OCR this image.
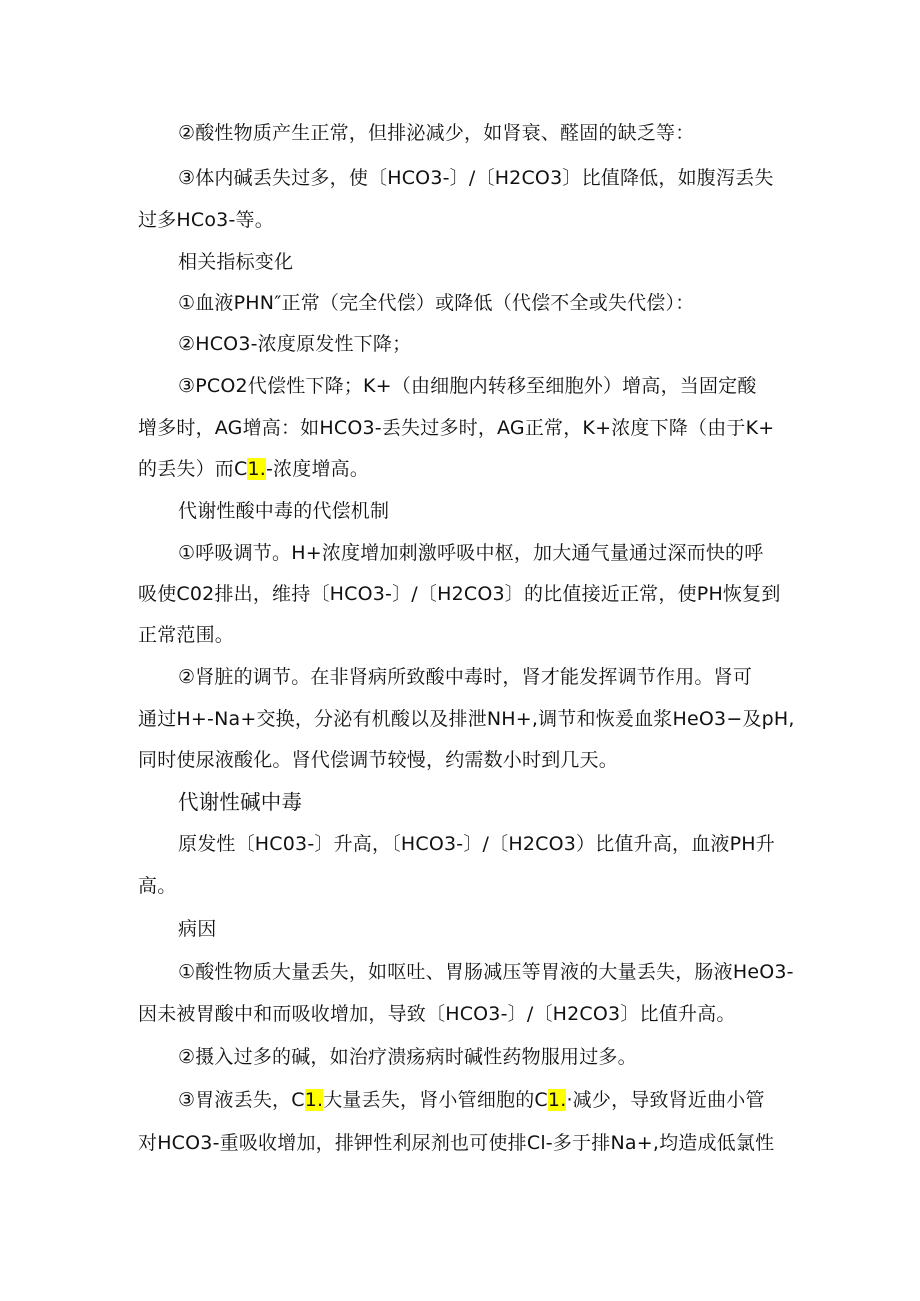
②酸性物质产生正常，但排泌减少，如肾衰、醛固的缺乏等：

③体内碱丢失过多，使〔HCO3-〕/〔H2CO3〕比值降低，如腹泻丢失

过多HCo3-等。

相关指标变化

①血液PHN″正常（完全代偿）或降低（代偿不全或失代偿）：

②HCO3-浓度原发性下降；

③PCO2代偿性下降；K+（由细胞内转移至细胞外）增高，当固定酸

增多时，AG增高：如HCO3-丢失过多时，AG正常，K+浓度下降（由于K+

的丢失）而C1.-浓度增高。

代谢性酸中毒的代偿机制

①呼吸调节。H+浓度增加刺激呼吸中枢，加大通气量通过深而快的呼

吸使C02排出，维持〔HCO3-〕/〔H2CO3〕的比值接近正常，使PH恢复到

正常范围。

②肾脏的调节。在非肾病所致酸中毒时，肾才能发挥调节作用。肾可

通过H+-Na+交换，分泌有机酸以及排泄NH+,调节和恢爰血浆HeO3−及pH,

同时使尿液酸化。肾代偿调节较慢，约需数小时到几天。

代谢性碱中毒

原发性〔HC03-〕升高，〔HCO3-〕/〔H2CO3）比值升高，血液PH升

高。

病因

①酸性物质大量丢失，如呕吐、胃肠减压等胃液的大量丢失，肠液HeO3-

因未被胃酸中和而吸收增加，导致〔HCO3-〕/〔H2CO3〕比值升高。

②摄入过多的碱，如治疗溃疡病时碱性药物服用过多。

③胃液丢失，C1.大量丢失，肾小管细胞的C1.·减少，导致肾近曲小管

对HCO3-重吸收增加，排钾性利尿剂也可使排Cl-多于排Na+,均造成低氯性
